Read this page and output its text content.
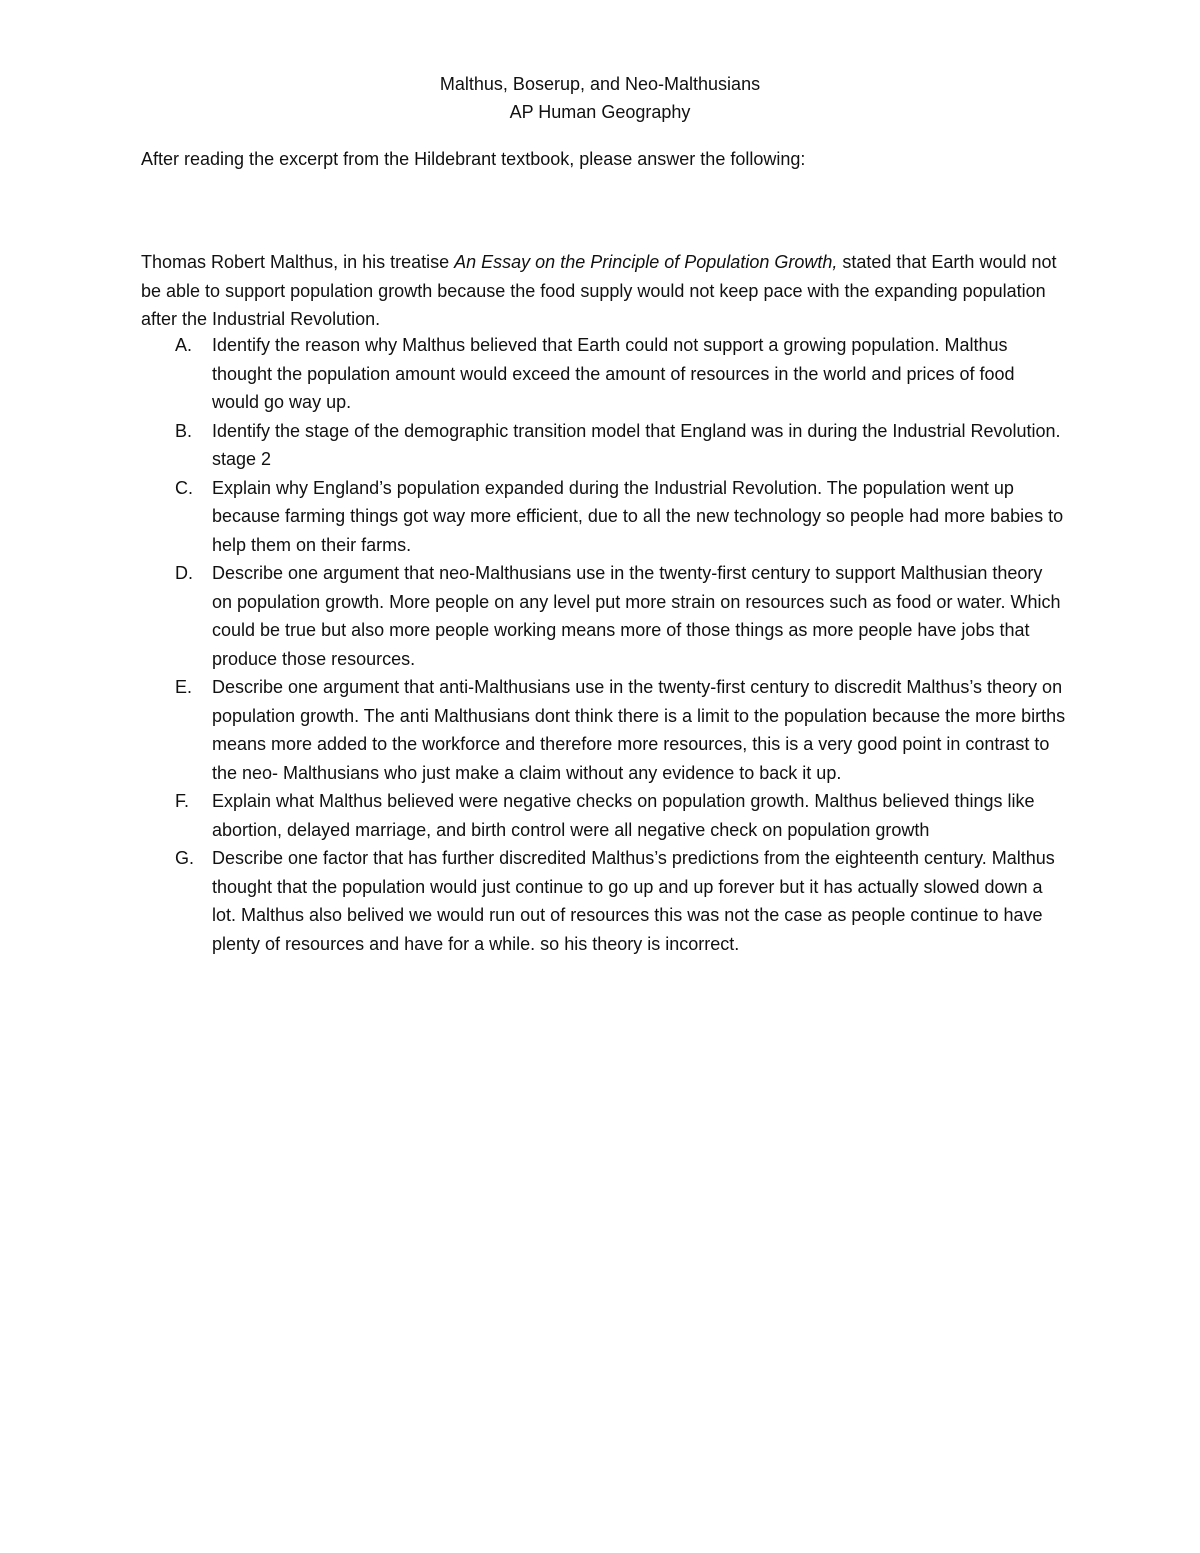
Malthus, Boserup, and Neo-Malthusians
AP Human Geography
After reading the excerpt from the Hildebrant textbook, please answer the following:

Thomas Robert Malthus, in his treatise An Essay on the Principle of Population Growth, stated that Earth would not be able to support population growth because the food supply would not keep pace with the expanding population after the Industrial Revolution.

A.	Identify the reason why Malthus believed that Earth could not support a growing population. Malthus thought the population amount would exceed the amount of resources in the world and prices of food would go way up.
B.	Identify the stage of the demographic transition model that England was in during the Industrial Revolution. stage 2
C.	Explain why England’s population expanded during the Industrial Revolution. The population went up because farming things got way more efficient, due to all the new technology so people had more babies to help them on their farms.
D.	Describe one argument that neo-Malthusians use in the twenty-first century to support Malthusian theory on population growth. More people on any level put more strain on resources such as food or water. Which could be true but also more people working means more of those things as more people have jobs that produce those resources.
E.	Describe one argument that anti-Malthusians use in the twenty-first century to discredit Malthus’s theory on population growth. The anti Malthusians dont think there is a limit to the population because the more births means more added to the workforce and therefore more resources, this is a very good point in contrast to the neo- Malthusians who just make a claim without any evidence to back it up.
F.	Explain what Malthus believed were negative checks on population growth. Malthus believed things like abortion, delayed marriage, and birth control were all negative check on population growth
G. Describe one factor that has further discredited Malthus’s predictions from the eighteenth century. Malthus thought that the population would just continue to go up and up forever but it has actually slowed down a lot. Malthus also belived we would run out of resources this was not the case as people continue to have plenty of resources and have for a while. so his theory is incorrect.
